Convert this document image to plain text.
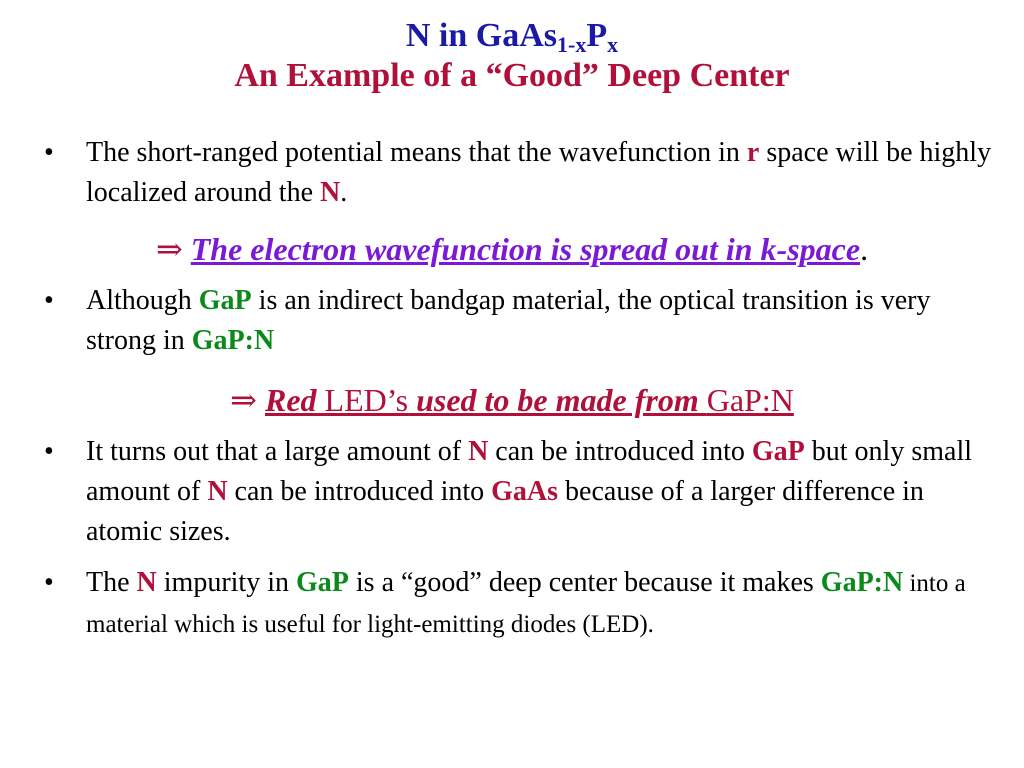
N in $GaAs_{1-x}P_x$
An Example of a “Good” Deep Center
•	The short-ranged potential means that the wavefunction in r space will be highly localized around the N.
⇒ The electron wavefunction is spread out in k-space.
•	Although GaP is an indirect bandgap material, the optical transition is very strong in GaP:N
⇒ Red LED’s used to be made from GaP:N
•	It turns out that a large amount of N can be introduced into GaP but only small amount of N can be introduced into GaAs because of a larger difference in atomic sizes.
•	The N impurity in GaP is a “good” deep center because it makes GaP:N into a material which is useful for light-emitting diodes (LED).
